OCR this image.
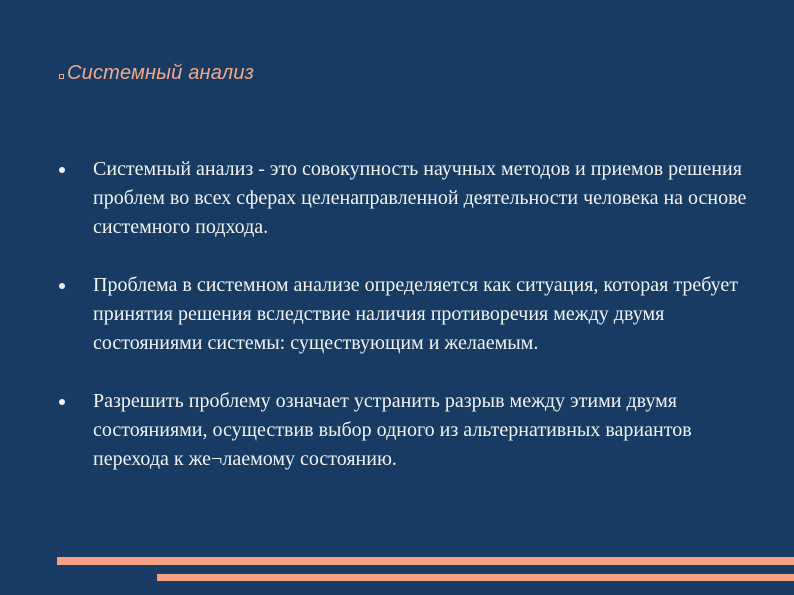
Системный анализ
Системный анализ - это совокупность научных методов и приемов решения проблем во всех сферах целенаправленной деятельности человека на основе системного подхода.
Проблема в системном анализе определяется как ситуация, которая требует принятия решения вследствие наличия противоречия между двумя состояниями системы: существующим и желаемым.
Разрешить проблему означает устранить разрыв между этими двумя состояниями, осуществив выбор одного из альтернативных вариантов перехода к же¬лаемому состоянию.
